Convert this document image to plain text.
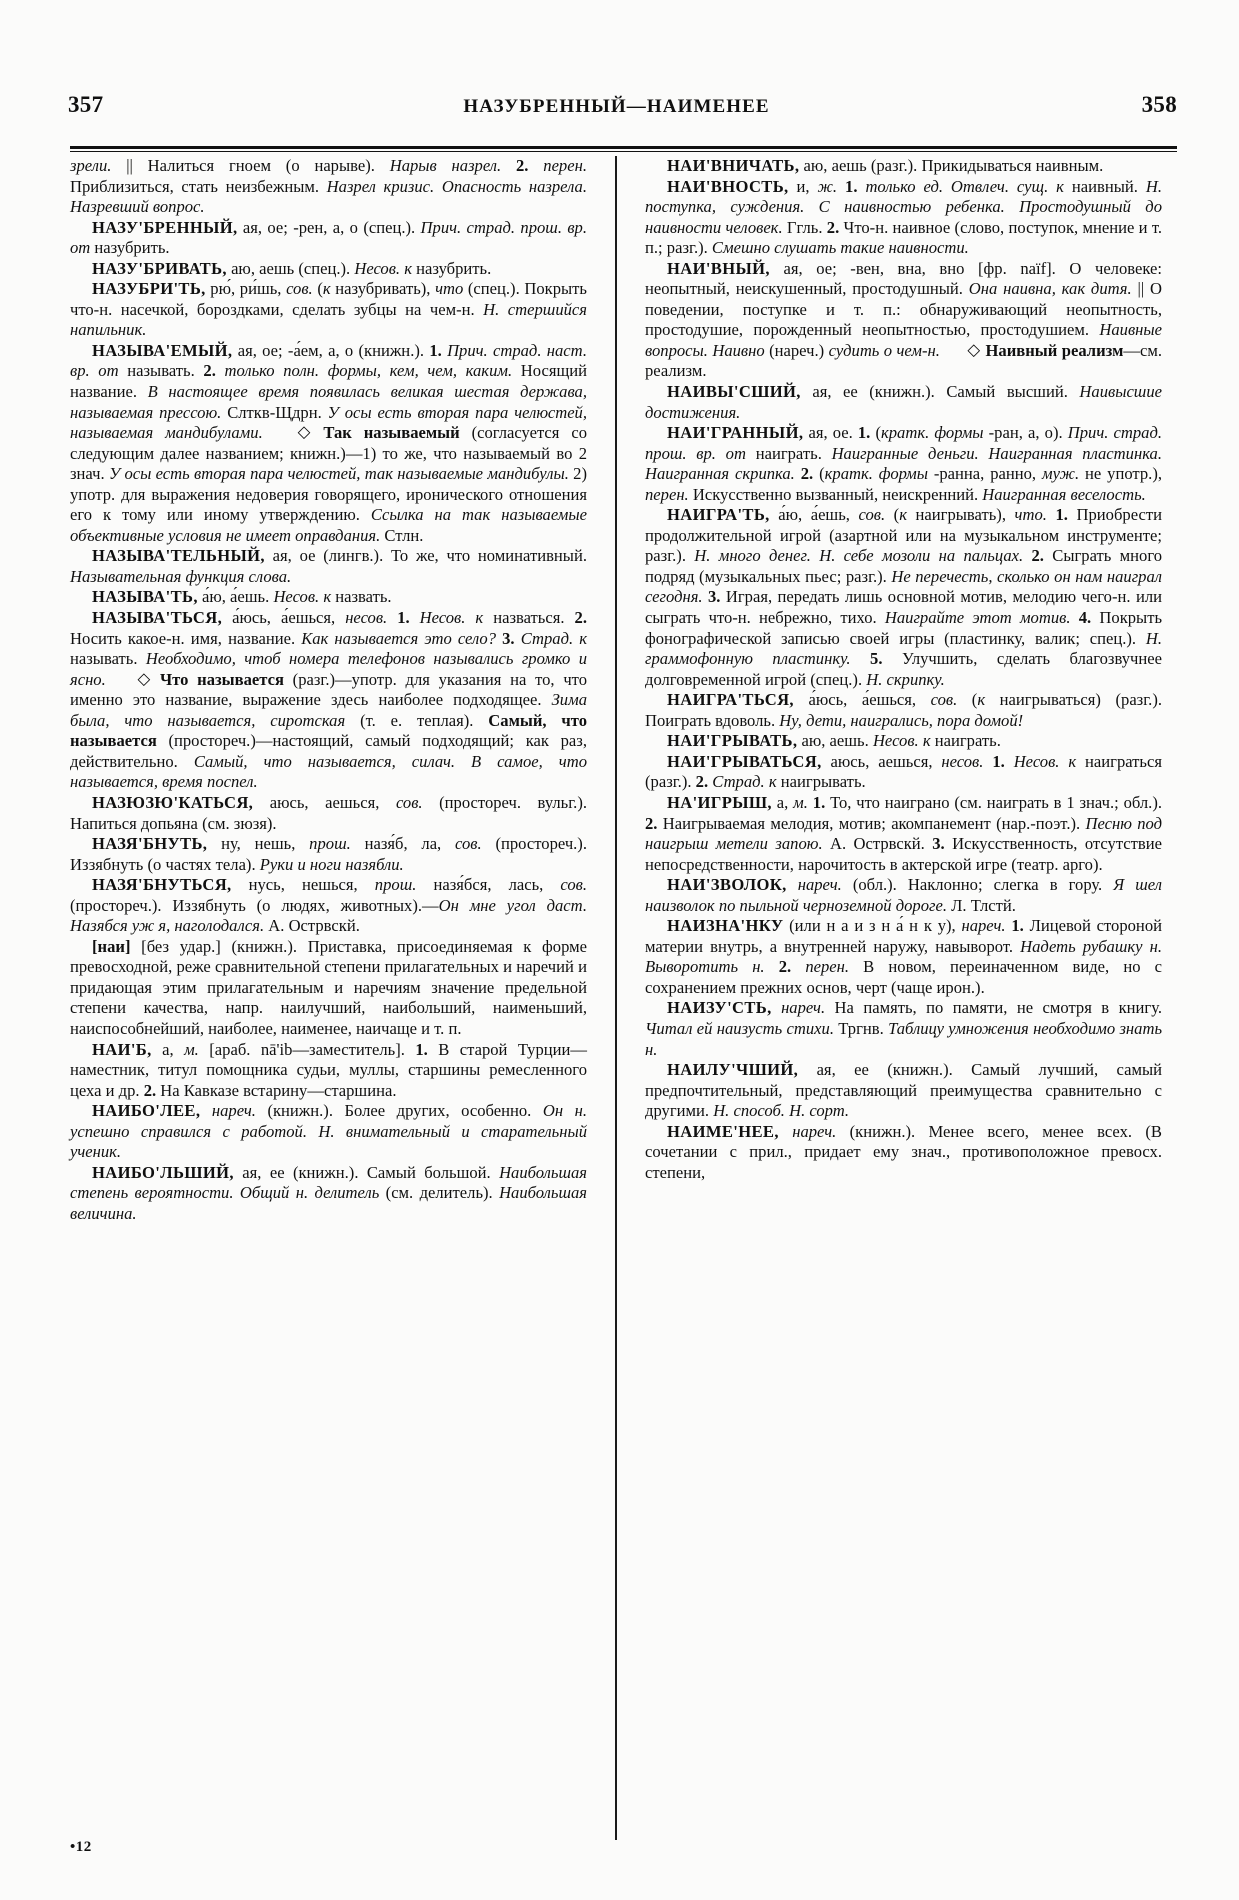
357	НАЗУБРЕННЫЙ—НАИМЕНЕЕ	358

зрели. || Налиться гноем (о нарыве). Нарыв назрел. 2. перен. Приблизиться, стать неизбежным. Назрел кризис. Опасность назрела. Назревший вопрос.

НАЗУ'БРЕННЫЙ, ая, ое; -рен, а, о (спец.). Прич. страд. прош. вр. от назубрить.

НАЗУ'БРИВАТЬ, аю, аешь (спец.). Несов. к назубрить.

НАЗУБРИ'ТЬ, рю́, ри́шь, сов. (к назубривать), что (спец.). Покрыть что-н. насечкой, бороздками, сделать зубцы на чем-н. Н. стершийся напильник.

НАЗЫВА'ЕМЫЙ, ая, ое; -а́ем, а, о (книжн.). 1. Прич. страд. наст. вр. от называть. 2. только полн. формы, кем, чем, каким. Носящий название. В настоящее время появилась великая шестая держава, называемая прессою. Слткв-Щдрн. У осы есть вторая пара челюстей, называемая мандибулами. ◇ Так называемый (согласуется со следующим далее названием; книжн.)—1) то же, что называемый во 2 знач. У осы есть вторая пара челюстей, так называемые мандибулы. 2) употр. для выражения недоверия говорящего, иронического отношения его к тому или иному утверждению. Ссылка на так называемые объективные условия не имеет оправдания. Стлн.

НАЗЫВА'ТЕЛЬНЫЙ, ая, ое (лингв.). То же, что номинативный. Назывательная функция слова.

НАЗЫВА'ТЬ, а́ю, а́ешь. Несов. к назвать.

НАЗЫВА'ТЬСЯ, а́юсь, а́ешься, несов. 1. Несов. к назваться. 2. Носить какое-н. имя, название. Как называется это село? 3. Страд. к называть. Необходимо, чтоб номера телефонов назывались громко и ясно. ◇ Что называется (разг.)—употр. для указания на то, что именно это название, выражение здесь наиболее подходящее. Зима была, что называется, сиротская (т. е. теплая). Самый, что называется (простореч.)—настоящий, самый подходящий; как раз, действительно. Самый, что называется, силач. В самое, что называется, время поспел.

НАЗЮЗЮ'КАТЬСЯ, аюсь, аешься, сов. (простореч. вульг.). Напиться допьяна (см. зюзя).

НАЗЯ'БНУТЬ, ну, нешь, прош. назя́б, ла, сов. (простореч.). Иззябнуть (о частях тела). Руки и ноги назябли.

НАЗЯ'БНУТЬСЯ, нусь, нешься, прош. назя́бся, лась, сов. (простореч.). Иззябнуть (о людях, животных).—Он мне угол даст. Назябся уж я, наголодался. А. Острвскй.

[наи] [без удар.] (книжн.). Приставка, присоединяемая к форме превосходной, реже сравнительной степени прилагательных и наречий и придающая этим прилагательным и наречиям значение предельной степени качества, напр. наилучший, наибольший, наименьший, наиспособнейший, наиболее, наименее, наичаще и т. п.

НАИ'Б, а, м. [араб. nā'ib—заместитель]. 1. В старой Турции—наместник, титул помощника судьи, муллы, старшины ремесленного цеха и др. 2. На Кавказе встарину—старшина.

НАИБО'ЛЕЕ, нареч. (книжн.). Более других, особенно. Он н. успешно справился с работой. Н. внимательный и старательный ученик.

НАИБО'ЛЬШИЙ, ая, ее (книжн.). Самый большой. Наибольшая степень вероятности. Общий н. делитель (см. делитель). Наибольшая величина.

НАИ'ВНИЧАТЬ, аю, аешь (разг.). Прикидываться наивным.

НАИ'ВНОСТЬ, и, ж. 1. только ед. Отвлеч. сущ. к наивный. Н. поступка, суждения. С наивностью ребенка. Простодушный до наивности человек. Ггль. 2. Что-н. наивное (слово, поступок, мнение и т. п.; разг.). Смешно слушать такие наивности.

НАИ'ВНЫЙ, ая, ое; -вен, вна, вно [фр. naïf]. О человеке: неопытный, неискушенный, простодушный. Она наивна, как дитя. || О поведении, поступке и т. п.: обнаруживающий неопытность, простодушие, порожденный неопытностью, простодушием. Наивные вопросы. Наивно (нареч.) судить о чем-н. ◇ Наивный реализм—см. реализм.

НАИВЫ'СШИЙ, ая, ее (книжн.). Самый высший. Наивысшие достижения.

НАИ'ГРАННЫЙ, ая, ое. 1. (кратк. формы -ран, а, о). Прич. страд. прош. вр. от наиграть. Наигранные деньги. Наигранная пластинка. Наигранная скрипка. 2. (кратк. формы -ранна, ранно, муж. не употр.), перен. Искусственно вызванный, неискренний. Наигранная веселость.

НАИГРА'ТЬ, а́ю, а́ешь, сов. (к наигрывать), что. 1. Приобрести продолжительной игрой (азартной или на музыкальном инструменте; разг.). Н. много денег. Н. себе мозоли на пальцах. 2. Сыграть много подряд (музыкальных пьес; разг.). Не перечесть, сколько он нам наиграл сегодня. 3. Играя, передать лишь основной мотив, мелодию чего-н. или сыграть что-н. небрежно, тихо. Наиграйте этот мотив. 4. Покрыть фонографической записью своей игры (пластинку, валик; спец.). Н. граммофонную пластинку. 5. Улучшить, сделать благозвучнее долговременной игрой (спец.). Н. скрипку.

НАИГРА'ТЬСЯ, а́юсь, а́ешься, сов. (к наигрываться) (разг.). Поиграть вдоволь. Ну, дети, наигрались, пора домой!

НАИ'ГРЫВАТЬ, аю, аешь. Несов. к наиграть.

НАИ'ГРЫВАТЬСЯ, аюсь, аешься, несов. 1. Несов. к наиграться (разг.). 2. Страд. к наигрывать.

НА'ИГРЫШ, а, м. 1. То, что наиграно (см. наиграть в 1 знач.; обл.). 2. Наигрываемая мелодия, мотив; акомпанемент (нар.-поэт.). Песню под наигрыш метели запою. А. Острвскй. 3. Искусственность, отсутствие непосредственности, нарочитость в актерской игре (театр. арго).

НАИ'ЗВОЛОК, нареч. (обл.). Наклонно; слегка в гору. Я шел наизволок по пыльной черноземной дороге. Л. Тлстй.

НАИЗНА'НКУ (или н а и з н а́ н к у), нареч. 1. Лицевой стороной материи внутрь, а внутренней наружу, навыворот. Надеть рубашку н. Выворотить н. 2. перен. В новом, переиначенном виде, но с сохранением прежних основ, черт (чаще ирон.).

НАИЗУ'СТЬ, нареч. На память, по памяти, не смотря в книгу. Читал ей наизусть стихи. Тргнв. Таблицу умножения необходимо знать н.

НАИЛУ'ЧШИЙ, ая, ее (книжн.). Самый лучший, самый предпочтительный, представляющий преимущества сравнительно с другими. Н. способ. Н. сорт.

НАИМЕ'НЕЕ, нареч. (книжн.). Менее всего, менее всех. (В сочетании с прил., придает ему знач., противоположное превосх. степени,

•12
